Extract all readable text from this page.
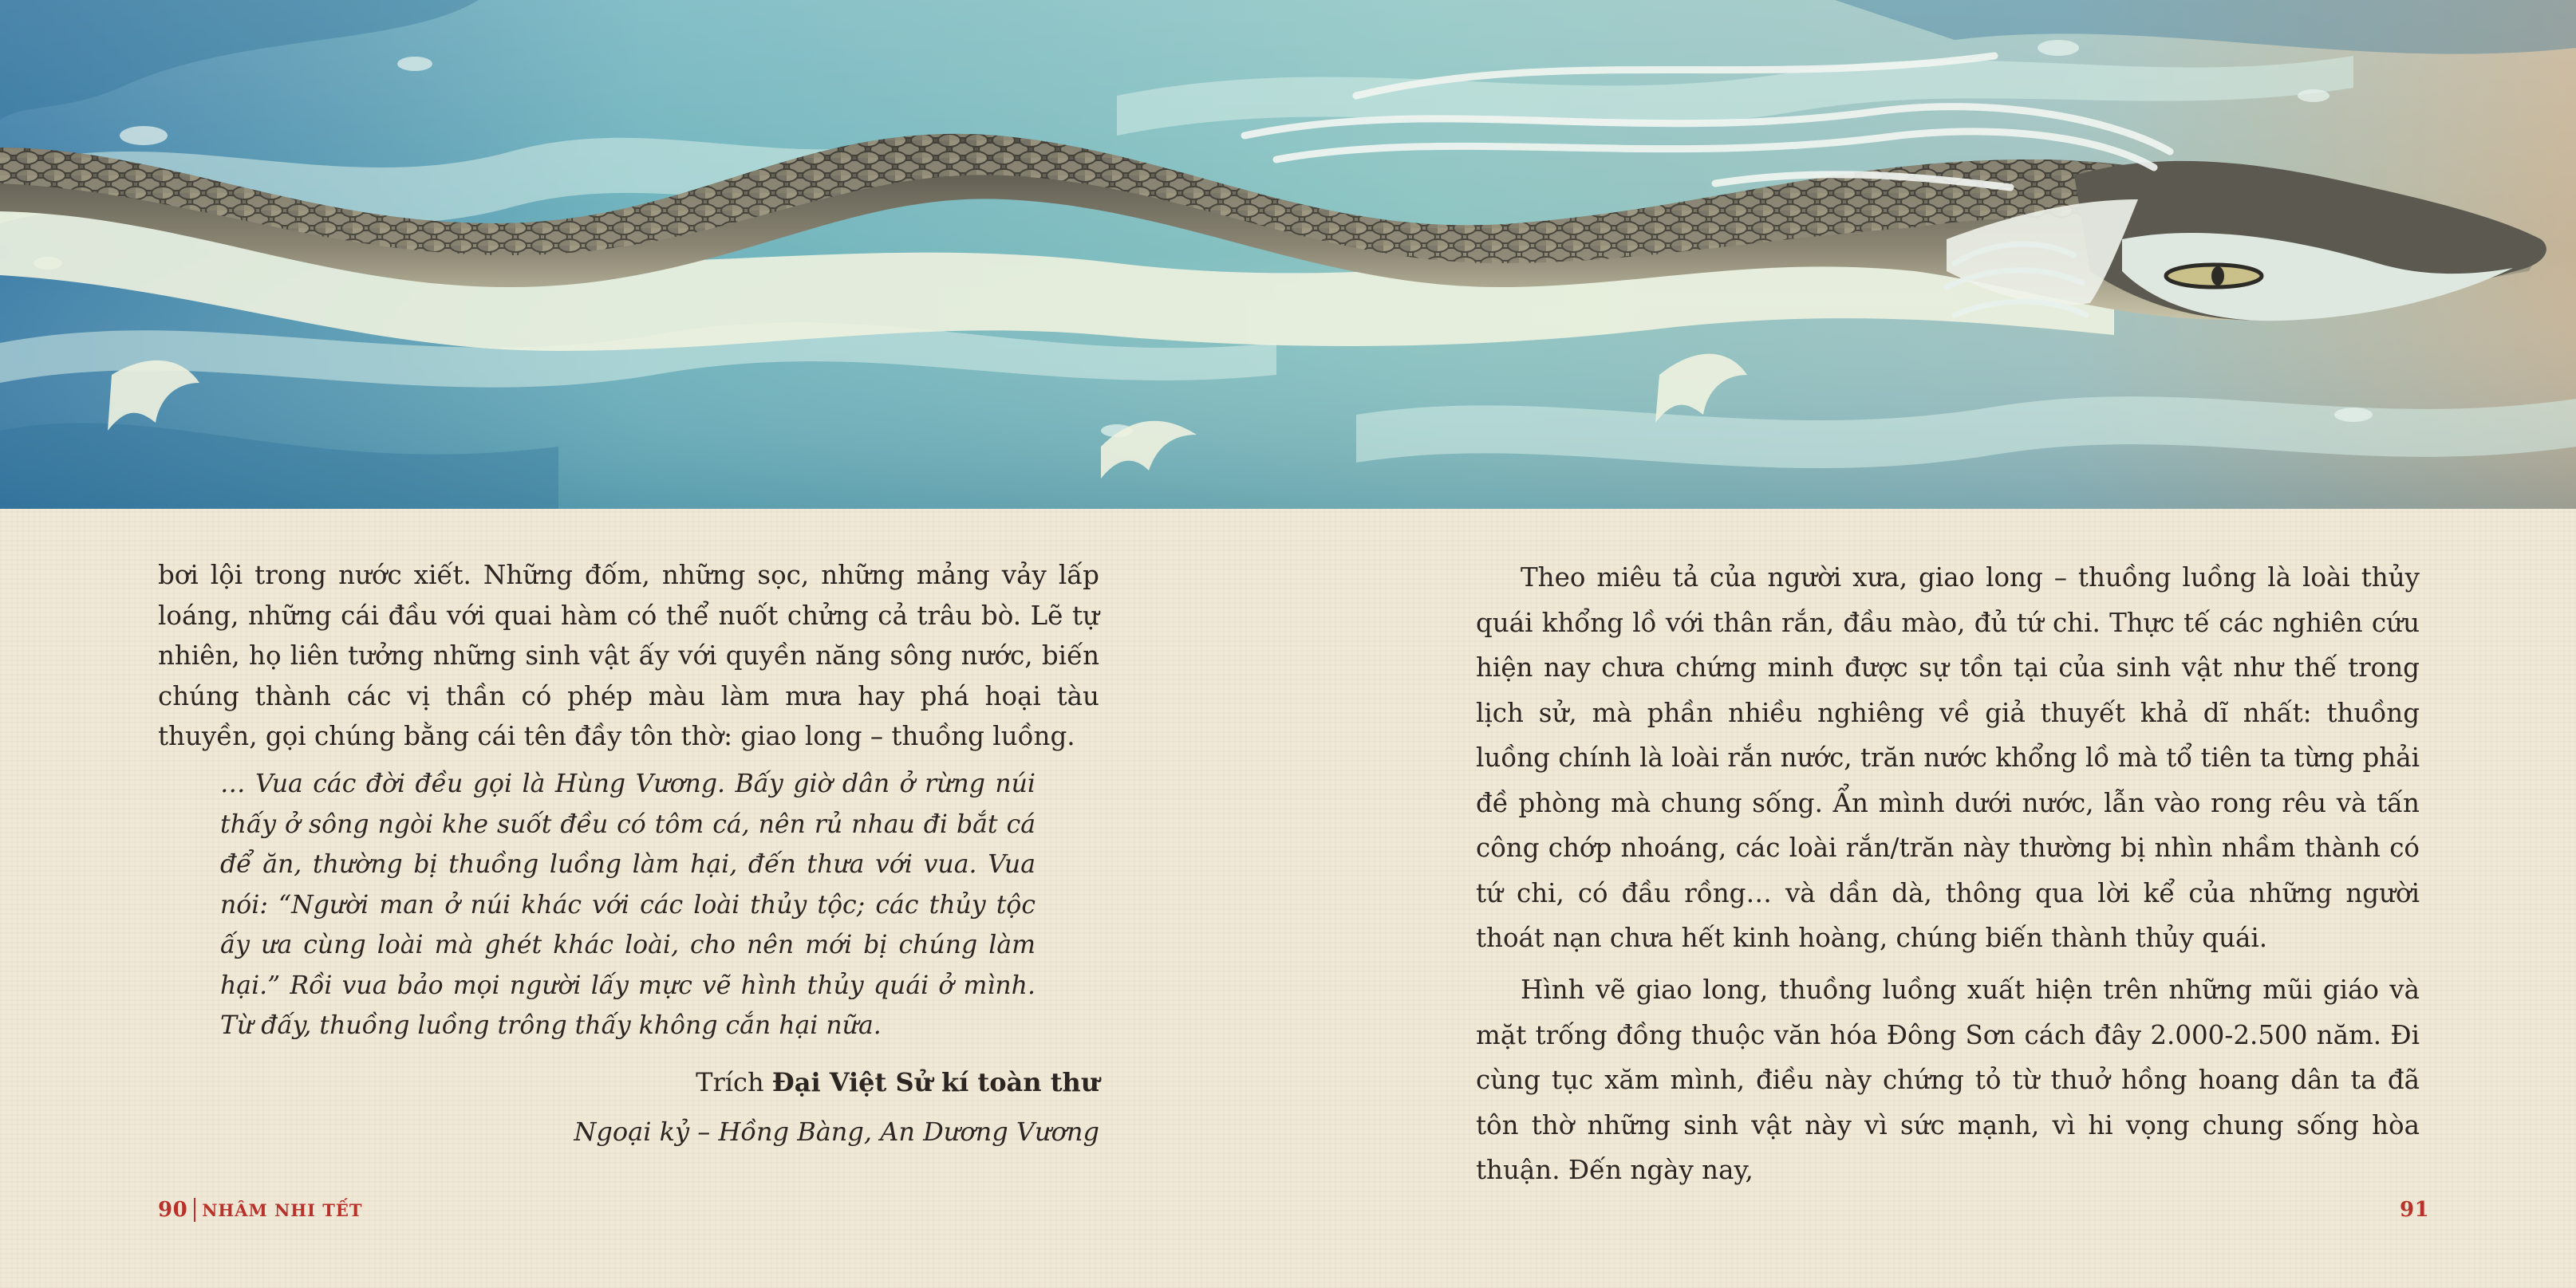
bơi lội trong nước xiết. Những đốm, những sọc, những mảng vảy lấp loáng, những cái đầu với quai hàm có thể nuốt chửng cả trâu bò. Lẽ tự nhiên, họ liên tưởng những sinh vật ấy với quyền năng sông nước, biến chúng thành các vị thần có phép màu làm mưa hay phá hoại tàu thuyền, gọi chúng bằng cái tên đầy tôn thờ: giao long – thuồng luồng.

… Vua các đời đều gọi là Hùng Vương. Bấy giờ dân ở rừng núi thấy ở sông ngòi khe suốt đều có tôm cá, nên rủ nhau đi bắt cá để ăn, thường bị thuồng luồng làm hại, đến thưa với vua. Vua nói: “Người man ở núi khác với các loài thủy tộc; các thủy tộc ấy ưa cùng loài mà ghét khác loài, cho nên mới bị chúng làm hại.” Rồi vua bảo mọi người lấy mực vẽ hình thủy quái ở mình. Từ đấy, thuồng luồng trông thấy không cắn hại nữa.

Trích Đại Việt Sử kí toàn thư
Ngoại kỷ – Hồng Bàng, An Dương Vương

Theo miêu tả của người xưa, giao long – thuồng luồng là loài thủy quái khổng lồ với thân rắn, đầu mào, đủ tứ chi. Thực tế các nghiên cứu hiện nay chưa chứng minh được sự tồn tại của sinh vật như thế trong lịch sử, mà phần nhiều nghiêng về giả thuyết khả dĩ nhất: thuồng luồng chính là loài rắn nước, trăn nước khổng lồ mà tổ tiên ta từng phải đề phòng mà chung sống. Ẩn mình dưới nước, lẫn vào rong rêu và tấn công chớp nhoáng, các loài rắn/trăn này thường bị nhìn nhầm thành có tứ chi, có đầu rồng… và dần dà, thông qua lời kể của những người thoát nạn chưa hết kinh hoàng, chúng biến thành thủy quái.

Hình vẽ giao long, thuồng luồng xuất hiện trên những mũi giáo và mặt trống đồng thuộc văn hóa Đông Sơn cách đây 2.000-2.500 năm. Đi cùng tục xăm mình, điều này chứng tỏ từ thuở hồng hoang dân ta đã tôn thờ những sinh vật này vì sức mạnh, vì hi vọng chung sống hòa thuận. Đến ngày nay,

90 NHÂM NHI TẾT	91
